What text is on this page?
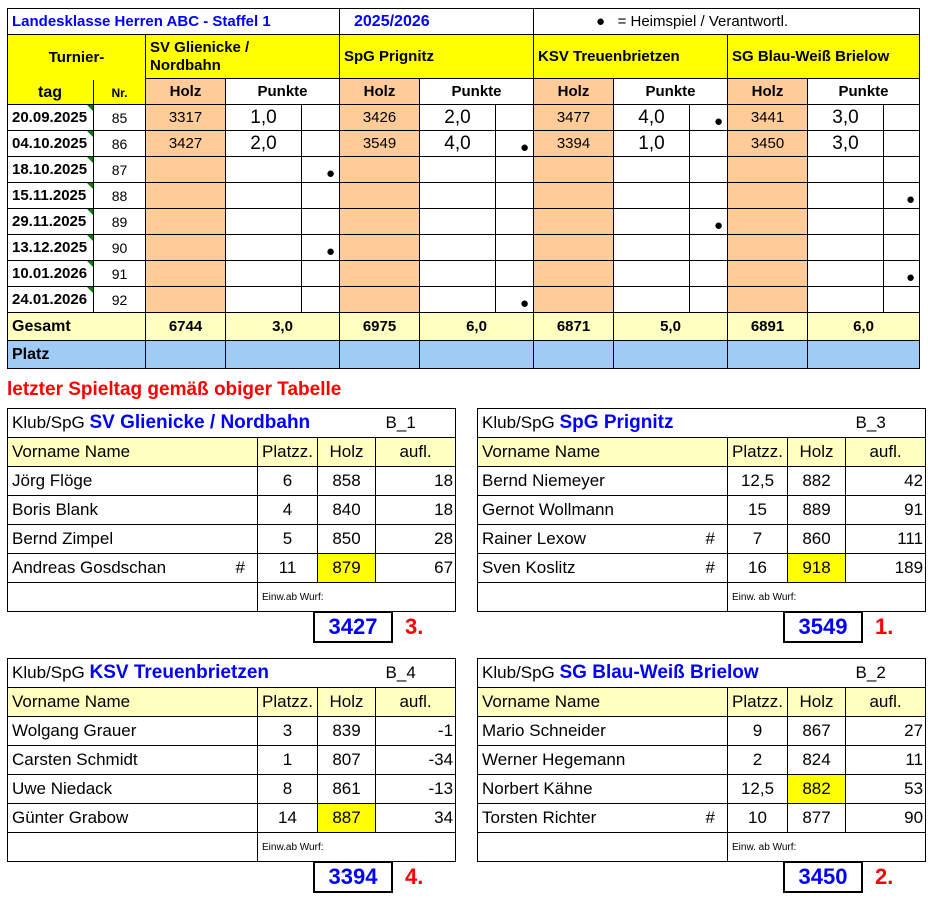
Landesklasse Herren ABC - Staffel 1					2025/2026			● = Heimspiel / Verantwortl.					
Turnier-		SV Glienicke /
Nordbahn			SpG Prignitz			KSV Treuenbrietzen			SG Blau-Weiß Brielow		
		Holz	Punkte		Holz	Punkte		Holz	Punkte		Holz	Punkte	
20.09.2025	85	3317	1,0		3426	2,0		3477	4,0	●	3441	3,0	
04.10.2025	86	3427	2,0		3549	4,0	●	3394	1,0		3450	3,0	
18.10.2025	87			●									
15.11.2025	88												●
29.11.2025	89									●			
13.12.2025	90			●									
10.01.2026	91												●
24.01.2026	92						●						
Gesamt		6744	3,0		6975	6,0		6871	5,0		6891	6,0	
Platz													
tag	Nr.
letzter Spieltag gemäß obiger Tabelle
Klub/SpG SV Glienicke / Nordbahn				B_1
Vorname Name		Platzz.	Holz	aufl.
Jörg Flöge		6	858	18
Boris Blank		4	840	18
Bernd Zimpel		5	850	28
Andreas Gosdschan	#	11	879	67
		Einw.ab Wurf:		
3427	3.
Klub/SpG SpG Prignitz				B_3
Vorname Name		Platzz.	Holz	aufl.
Bernd Niemeyer		12,5	882	42
Gernot Wollmann		15	889	91
Rainer Lexow	#	7	860	111
Sven Koslitz	#	16	918	189
		Einw. ab Wurf:		
3549	1.
Klub/SpG KSV Treuenbrietzen				B_4
Vorname Name		Platzz.	Holz	aufl.
Wolgang Grauer		3	839	-1
Carsten Schmidt		1	807	-34
Uwe Niedack		8	861	-13
Günter Grabow		14	887	34
		Einw.ab Wurf:		
3394	4.
Klub/SpG SG Blau-Weiß Brielow				B_2
Vorname Name		Platzz.	Holz	aufl.
Mario Schneider		9	867	27
Werner Hegemann		2	824	11
Norbert Kähne		12,5	882	53
Torsten Richter	#	10	877	90
		Einw. ab Wurf:		
3450	2.
